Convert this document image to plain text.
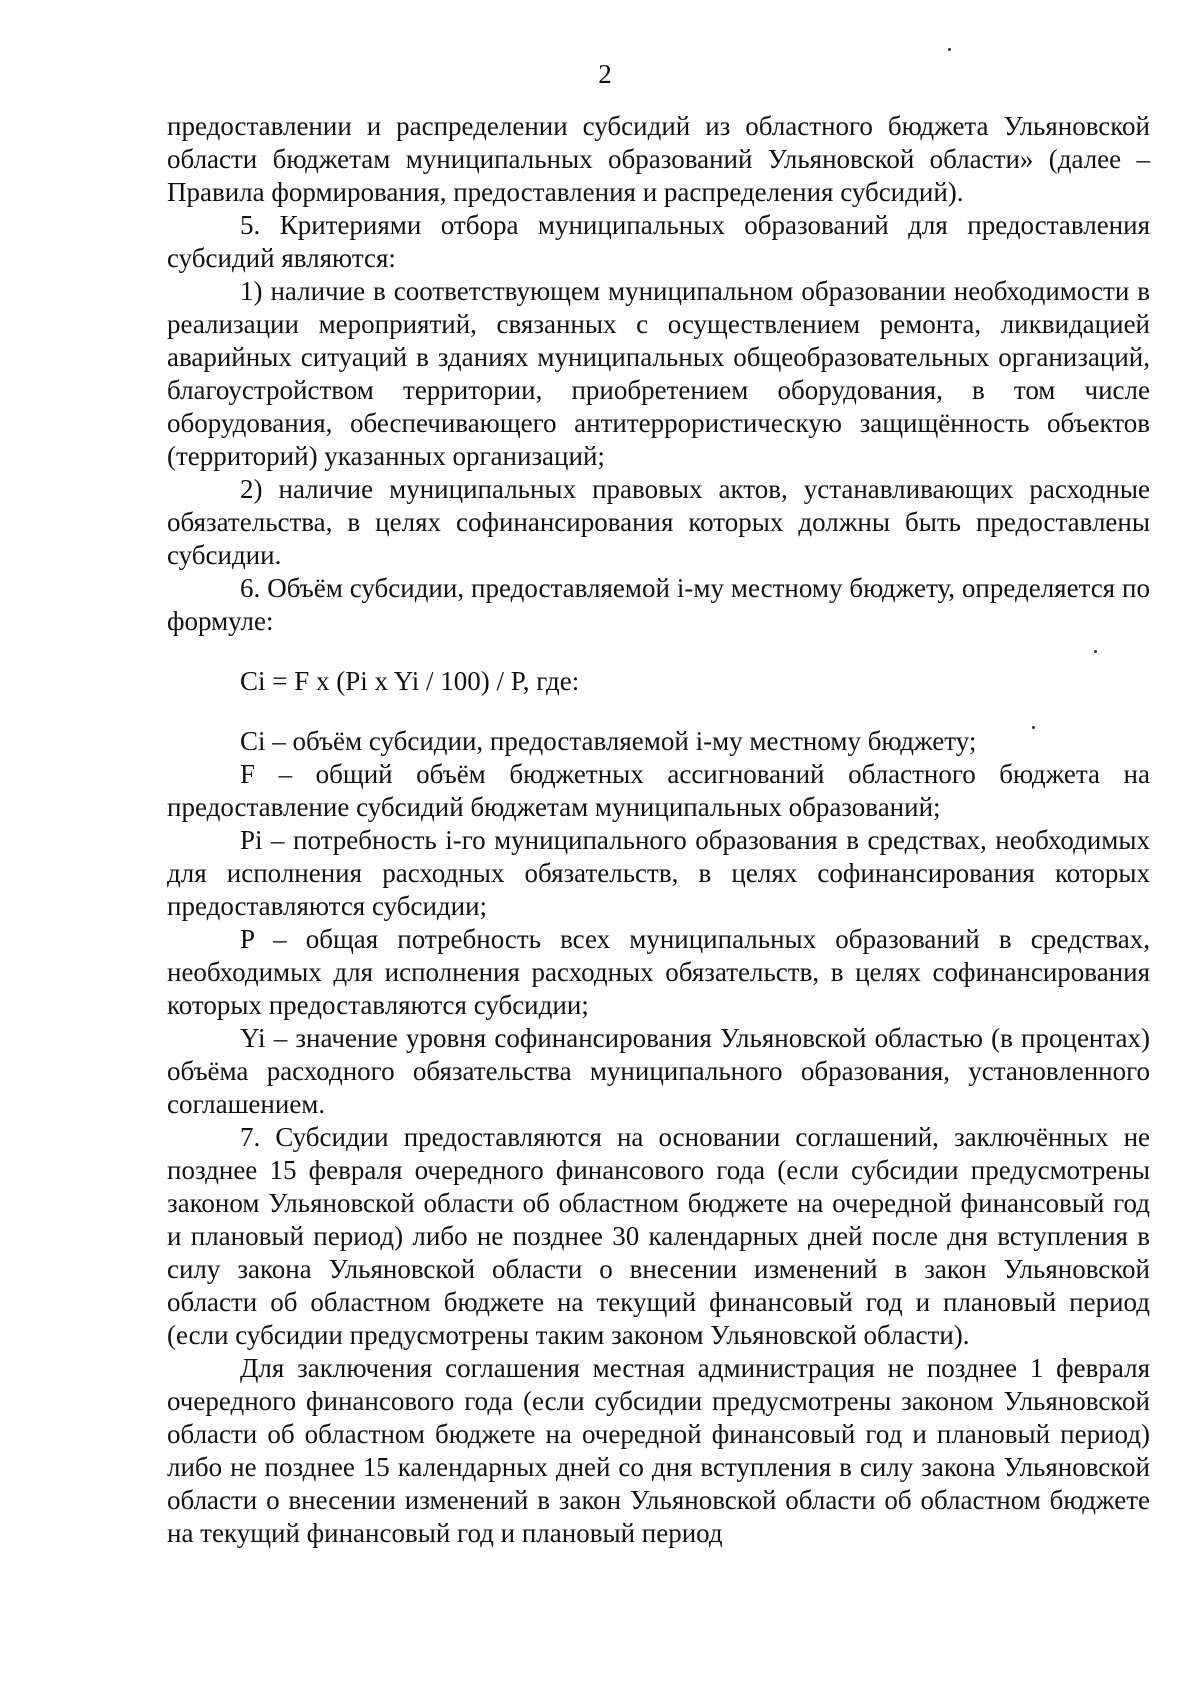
2

предоставлении и распределении субсидий из областного бюджета Ульяновской области бюджетам муниципальных образований Ульяновской области» (далее – Правила формирования, предоставления и распределения субсидий).

5. Критериями отбора муниципальных образований для предоставления субсидий являются:

1) наличие в соответствующем муниципальном образовании необходимости в реализации мероприятий, связанных с осуществлением ремонта, ликвидацией аварийных ситуаций в зданиях муниципальных общеобразовательных организаций, благоустройством территории, приобретением оборудования, в том числе оборудования, обеспечивающего антитеррористическую защищённость объектов (территорий) указанных организаций;

2) наличие муниципальных правовых актов, устанавливающих расходные обязательства, в целях софинансирования которых должны быть предоставлены субсидии.

6. Объём субсидии, предоставляемой i-му местному бюджету, определяется по формуле:

Ci = F x (Pi x Yi / 100) / P, где:

Ci – объём субсидии, предоставляемой i-му местному бюджету;

F – общий объём бюджетных ассигнований областного бюджета на предоставление субсидий бюджетам муниципальных образований;

Pi – потребность i-го муниципального образования в средствах, необходимых для исполнения расходных обязательств, в целях софинансирования которых предоставляются субсидии;

P – общая потребность всех муниципальных образований в средствах, необходимых для исполнения расходных обязательств, в целях софинансирования которых предоставляются субсидии;

Yi – значение уровня софинансирования Ульяновской областью (в процентах) объёма расходного обязательства муниципального образования, установленного соглашением.

7. Субсидии предоставляются на основании соглашений, заключённых не позднее 15 февраля очередного финансового года (если субсидии предусмотрены законом Ульяновской области об областном бюджете на очередной финансовый год и плановый период) либо не позднее 30 календарных дней после дня вступления в силу закона Ульяновской области о внесении изменений в закон Ульяновской области об областном бюджете на текущий финансовый год и плановый период (если субсидии предусмотрены таким законом Ульяновской области).

Для заключения соглашения местная администрация не позднее 1 февраля очередного финансового года (если субсидии предусмотрены законом Ульяновской области об областном бюджете на очередной финансовый год и плановый период) либо не позднее 15 календарных дней со дня вступления в силу закона Ульяновской области о внесении изменений в закон Ульяновской области об областном бюджете на текущий финансовый год и плановый период
